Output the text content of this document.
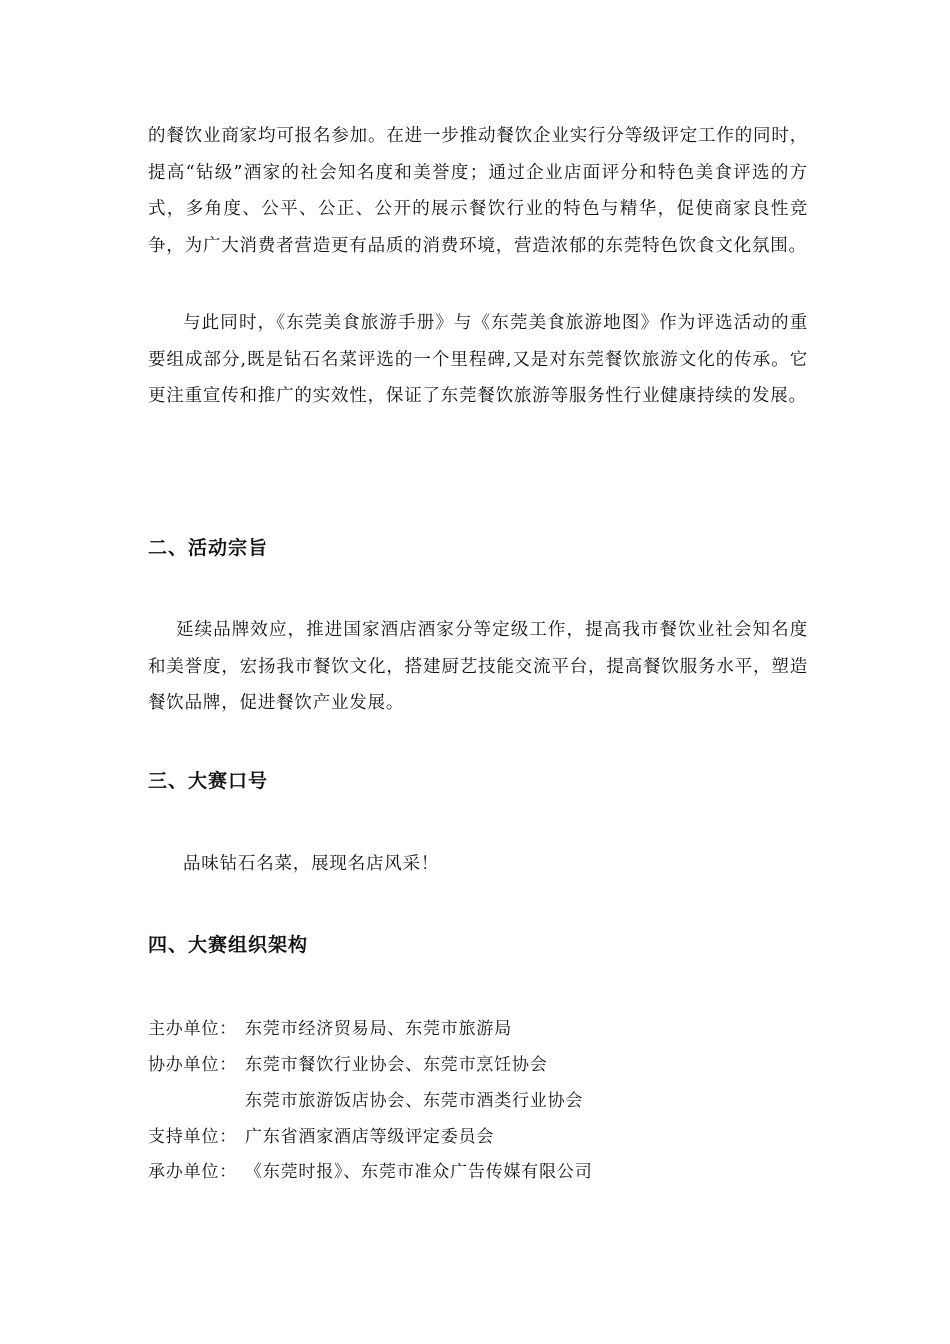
的餐饮业商家均可报名参加。在进一步推动餐饮企业实行分等级评定工作的同时，提高“钻级”酒家的社会知名度和美誉度；通过企业店面评分和特色美食评选的方式，多角度、公平、公正、公开的展示餐饮行业的特色与精华，促使商家良性竞争，为广大消费者营造更有品质的消费环境，营造浓郁的东莞特色饮食文化氛围。

与此同时，《东莞美食旅游手册》与《东莞美食旅游地图》作为评选活动的重要组成部分,既是钻石名菜评选的一个里程碑,又是对东莞餐饮旅游文化的传承。它更注重宣传和推广的实效性，保证了东莞餐饮旅游等服务性行业健康持续的发展。

二、活动宗旨

延续品牌效应，推进国家酒店酒家分等定级工作，提高我市餐饮业社会知名度和美誉度，宏扬我市餐饮文化，搭建厨艺技能交流平台，提高餐饮服务水平，塑造餐饮品牌，促进餐饮产业发展。

三、大赛口号

品味钻石名菜，展现名店风采！

四、大赛组织架构
主办单位： 东莞市经济贸易局、东莞市旅游局
协办单位： 东莞市餐饮行业协会、东莞市烹饪协会
东莞市旅游饭店协会、东莞市酒类行业协会
支持单位： 广东省酒家酒店等级评定委员会
承办单位： 《东莞时报》、东莞市准众广告传媒有限公司
